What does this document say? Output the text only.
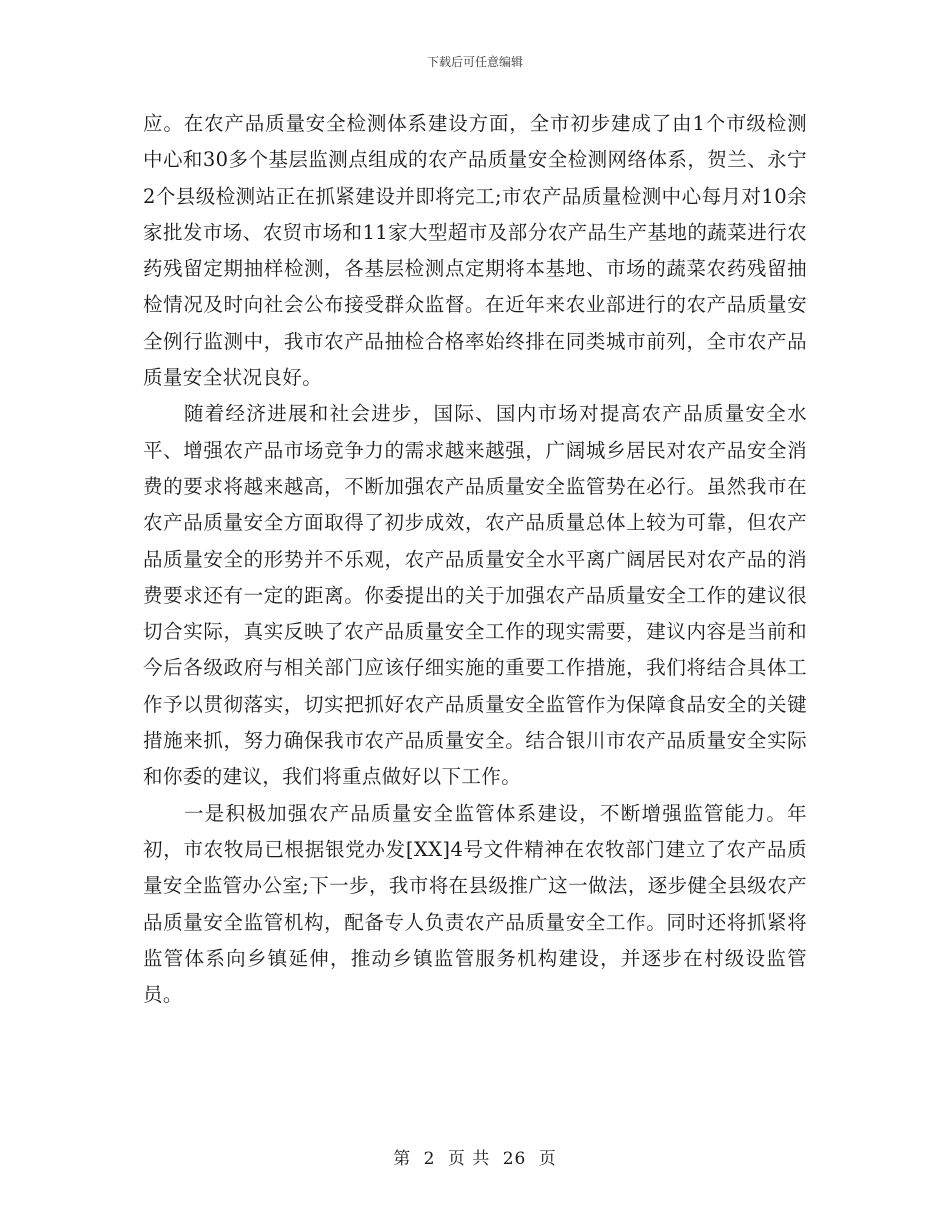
下载后可任意编辑

应。在农产品质量安全检测体系建设方面，全市初步建成了由1个市级检测中心和30多个基层监测点组成的农产品质量安全检测网络体系，贺兰、永宁2个县级检测站正在抓紧建设并即将完工;市农产品质量检测中心每月对10余家批发市场、农贸市场和11家大型超市及部分农产品生产基地的蔬菜进行农药残留定期抽样检测，各基层检测点定期将本基地、市场的蔬菜农药残留抽检情况及时向社会公布接受群众监督。在近年来农业部进行的农产品质量安全例行监测中，我市农产品抽检合格率始终排在同类城市前列，全市农产品质量安全状况良好。

随着经济进展和社会进步，国际、国内市场对提高农产品质量安全水平、增强农产品市场竞争力的需求越来越强，广阔城乡居民对农产品安全消费的要求将越来越高，不断加强农产品质量安全监管势在必行。虽然我市在农产品质量安全方面取得了初步成效，农产品质量总体上较为可靠，但农产品质量安全的形势并不乐观，农产品质量安全水平离广阔居民对农产品的消费要求还有一定的距离。你委提出的关于加强农产品质量安全工作的建议很切合实际，真实反映了农产品质量安全工作的现实需要，建议内容是当前和今后各级政府与相关部门应该仔细实施的重要工作措施，我们将结合具体工作予以贯彻落实，切实把抓好农产品质量安全监管作为保障食品安全的关键措施来抓，努力确保我市农产品质量安全。结合银川市农产品质量安全实际和你委的建议，我们将重点做好以下工作。

一是积极加强农产品质量安全监管体系建设，不断增强监管能力。年初，市农牧局已根据银党办发[XX]4号文件精神在农牧部门建立了农产品质量安全监管办公室;下一步，我市将在县级推广这一做法，逐步健全县级农产品质量安全监管机构，配备专人负责农产品质量安全工作。同时还将抓紧将监管体系向乡镇延伸，推动乡镇监管服务机构建设，并逐步在村级设监管员。

第 2 页 共 26 页
